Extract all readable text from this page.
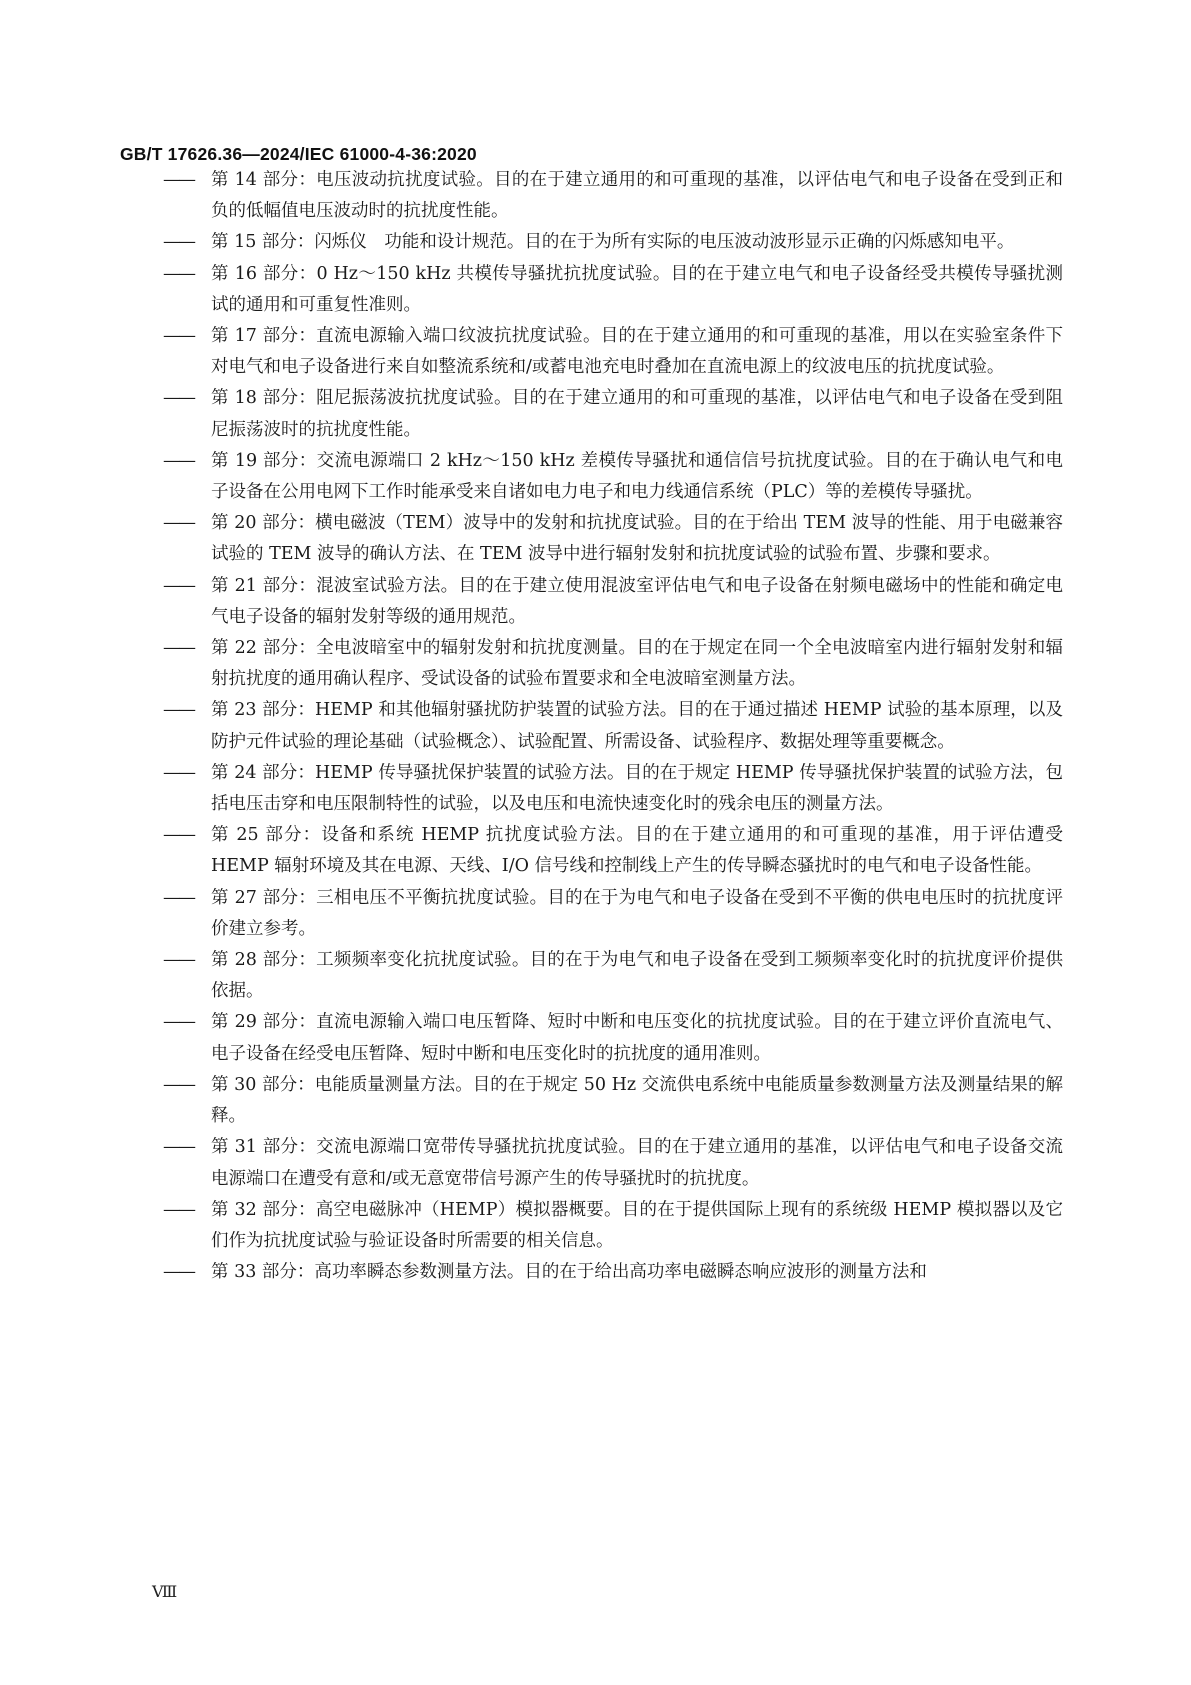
GB/T 17626.36—2024/IEC 61000-4-36:2020
—— 第 14 部分：电压波动抗扰度试验。目的在于建立通用的和可重现的基准，以评估电气和电子设备在受到正和负的低幅值电压波动时的抗扰度性能。
—— 第 15 部分：闪烁仪　功能和设计规范。目的在于为所有实际的电压波动波形显示正确的闪烁感知电平。
—— 第 16 部分：0 Hz～150 kHz 共模传导骚扰抗扰度试验。目的在于建立电气和电子设备经受共模传导骚扰测试的通用和可重复性准则。
—— 第 17 部分：直流电源输入端口纹波抗扰度试验。目的在于建立通用的和可重现的基准，用以在实验室条件下对电气和电子设备进行来自如整流系统和/或蓄电池充电时叠加在直流电源上的纹波电压的抗扰度试验。
—— 第 18 部分：阻尼振荡波抗扰度试验。目的在于建立通用的和可重现的基准，以评估电气和电子设备在受到阻尼振荡波时的抗扰度性能。
—— 第 19 部分：交流电源端口 2 kHz～150 kHz 差模传导骚扰和通信信号抗扰度试验。目的在于确认电气和电子设备在公用电网下工作时能承受来自诸如电力电子和电力线通信系统（PLC）等的差模传导骚扰。
—— 第 20 部分：横电磁波（TEM）波导中的发射和抗扰度试验。目的在于给出 TEM 波导的性能、用于电磁兼容试验的 TEM 波导的确认方法、在 TEM 波导中进行辐射发射和抗扰度试验的试验布置、步骤和要求。
—— 第 21 部分：混波室试验方法。目的在于建立使用混波室评估电气和电子设备在射频电磁场中的性能和确定电气电子设备的辐射发射等级的通用规范。
—— 第 22 部分：全电波暗室中的辐射发射和抗扰度测量。目的在于规定在同一个全电波暗室内进行辐射发射和辐射抗扰度的通用确认程序、受试设备的试验布置要求和全电波暗室测量方法。
—— 第 23 部分：HEMP 和其他辐射骚扰防护装置的试验方法。目的在于通过描述 HEMP 试验的基本原理，以及防护元件试验的理论基础（试验概念）、试验配置、所需设备、试验程序、数据处理等重要概念。
—— 第 24 部分：HEMP 传导骚扰保护装置的试验方法。目的在于规定 HEMP 传导骚扰保护装置的试验方法，包括电压击穿和电压限制特性的试验，以及电压和电流快速变化时的残余电压的测量方法。
—— 第 25 部分：设备和系统 HEMP 抗扰度试验方法。目的在于建立通用的和可重现的基准，用于评估遭受 HEMP 辐射环境及其在电源、天线、I/O 信号线和控制线上产生的传导瞬态骚扰时的电气和电子设备性能。
—— 第 27 部分：三相电压不平衡抗扰度试验。目的在于为电气和电子设备在受到不平衡的供电电压时的抗扰度评价建立参考。
—— 第 28 部分：工频频率变化抗扰度试验。目的在于为电气和电子设备在受到工频频率变化时的抗扰度评价提供依据。
—— 第 29 部分：直流电源输入端口电压暂降、短时中断和电压变化的抗扰度试验。目的在于建立评价直流电气、电子设备在经受电压暂降、短时中断和电压变化时的抗扰度的通用准则。
—— 第 30 部分：电能质量测量方法。目的在于规定 50 Hz 交流供电系统中电能质量参数测量方法及测量结果的解释。
—— 第 31 部分：交流电源端口宽带传导骚扰抗扰度试验。目的在于建立通用的基准，以评估电气和电子设备交流电源端口在遭受有意和/或无意宽带信号源产生的传导骚扰时的抗扰度。
—— 第 32 部分：高空电磁脉冲（HEMP）模拟器概要。目的在于提供国际上现有的系统级 HEMP 模拟器以及它们作为抗扰度试验与验证设备时所需要的相关信息。
—— 第 33 部分：高功率瞬态参数测量方法。目的在于给出高功率电磁瞬态响应波形的测量方法和
Ⅷ
